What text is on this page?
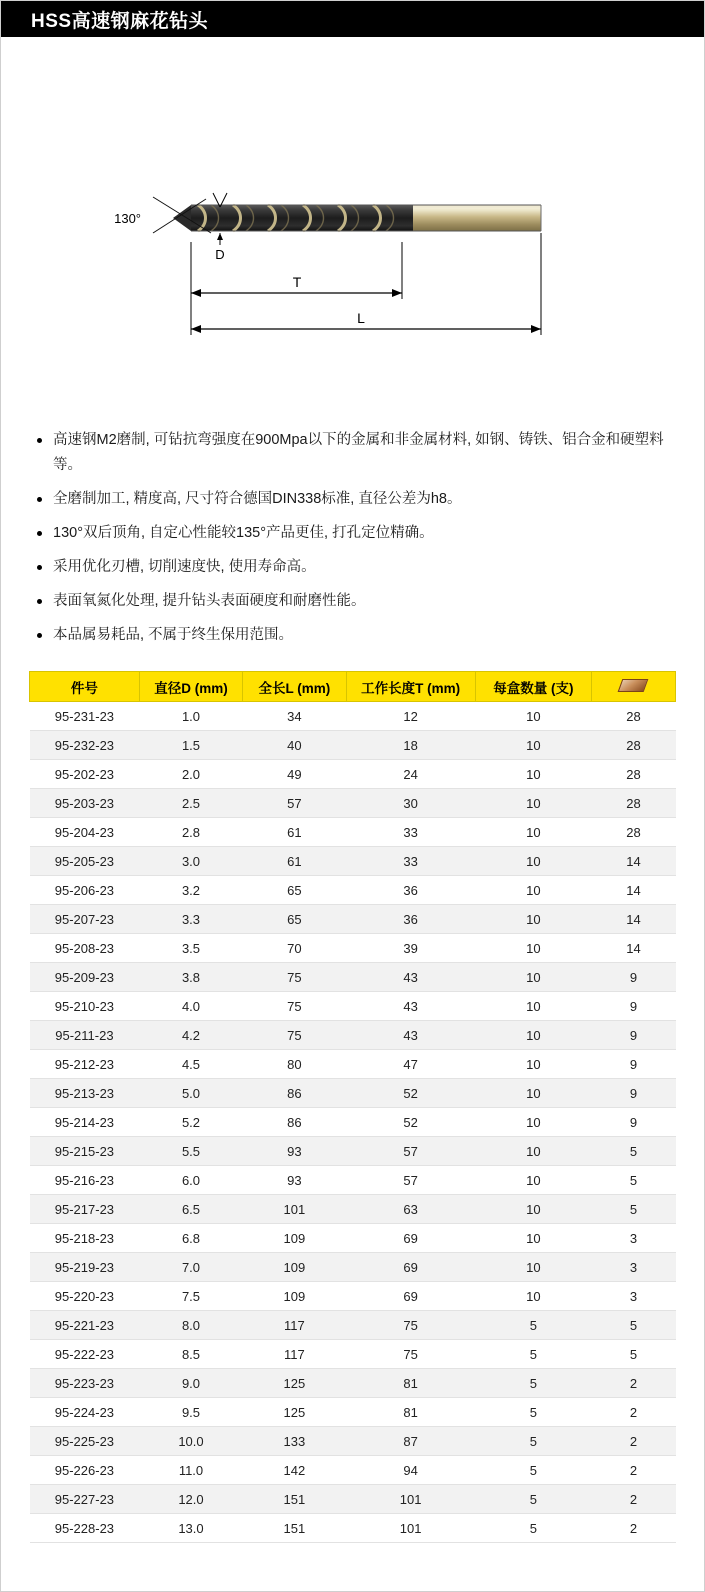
HSS高速钢麻花钻头
130°
D
T
L
高速钢M2磨制, 可钻抗弯强度在900Mpa以下的金属和非金属材料, 如钢、铸铁、铝合金和硬塑料等。
全磨制加工, 精度高, 尺寸符合德国DIN338标准, 直径公差为h8。
130°双后顶角, 自定心性能较135°产品更佳, 打孔定位精确。
采用优化刃槽, 切削速度快, 使用寿命高。
表面氧氮化处理, 提升钻头表面硬度和耐磨性能。
本品属易耗品, 不属于终生保用范围。
件号	直径D (mm)	全长L (mm)	工作长度T (mm)	每盒数量 (支)	
95-231-23	1.0	34	12	10	28
95-232-23	1.5	40	18	10	28
95-202-23	2.0	49	24	10	28
95-203-23	2.5	57	30	10	28
95-204-23	2.8	61	33	10	28
95-205-23	3.0	61	33	10	14
95-206-23	3.2	65	36	10	14
95-207-23	3.3	65	36	10	14
95-208-23	3.5	70	39	10	14
95-209-23	3.8	75	43	10	9
95-210-23	4.0	75	43	10	9
95-211-23	4.2	75	43	10	9
95-212-23	4.5	80	47	10	9
95-213-23	5.0	86	52	10	9
95-214-23	5.2	86	52	10	9
95-215-23	5.5	93	57	10	5
95-216-23	6.0	93	57	10	5
95-217-23	6.5	101	63	10	5
95-218-23	6.8	109	69	10	3
95-219-23	7.0	109	69	10	3
95-220-23	7.5	109	69	10	3
95-221-23	8.0	117	75	5	5
95-222-23	8.5	117	75	5	5
95-223-23	9.0	125	81	5	2
95-224-23	9.5	125	81	5	2
95-225-23	10.0	133	87	5	2
95-226-23	11.0	142	94	5	2
95-227-23	12.0	151	101	5	2
95-228-23	13.0	151	101	5	2
